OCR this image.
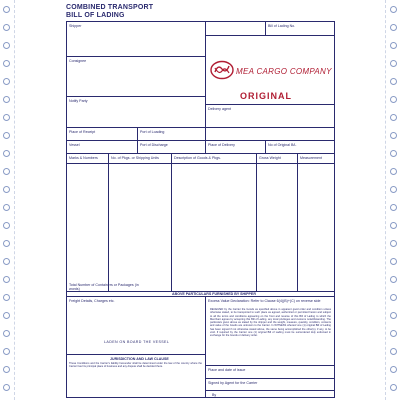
COMBINED TRANSPORT
BILL OF LADING
Shipper	Bill of Lading No.
Consignee
Notify Party
Delivery agent
Place of Receipt	Port of Loading
Vessel	Port of Discharge	Place of Delivery	No of Original B/L
Marks & Numbers	No. of Pkgs. or Shipping Units	Description of Goods & Pkgs.	Gross Weight	Measurement
Total Number of Containers or Packages (in words)
ABOVE PARTICULARS FURNISHED BY SHIPPER
Freight Details, Charges etc.	Excess Value Declaration: Refer to Clause 6(4)(B)+(C) on reverse side
LADEN ON BOARD THE VESSEL
Place and date of issue
Signed by Agent for the Carrier
By
JURISDICTION AND LAW CLAUSE
RECEIVED by the Carrier the Goods as specified above in apparent good order and condition unless otherwise stated, to be transported to such place as agreed, authorized or permitted herein and subject to all the terms and conditions appearing on the front and reverse of this Bill of Lading to which the Merchant agrees by accepting this Bill of Lading, any local privileges and customs notwithstanding. The particulars given above as stated by the shipper and the weight, measure, quantity, condition, contents and value of the Goods are unknown to the Carrier. In WITNESS whereof one (1) original Bill of Lading has been signed if not otherwise stated above, the same being accomplished the other(s), if any, to be void. If required by the Carrier one (1) original Bill of Lading must be surrendered duly endorsed in exchange for the Goods or delivery order.
These Conditions and the Carrier's liability hereunder shall be determined under the law of the country where the Carrier has his principal place of business and any dispute shall be decided there.
MEA CARGO COMPANY
ORIGINAL
